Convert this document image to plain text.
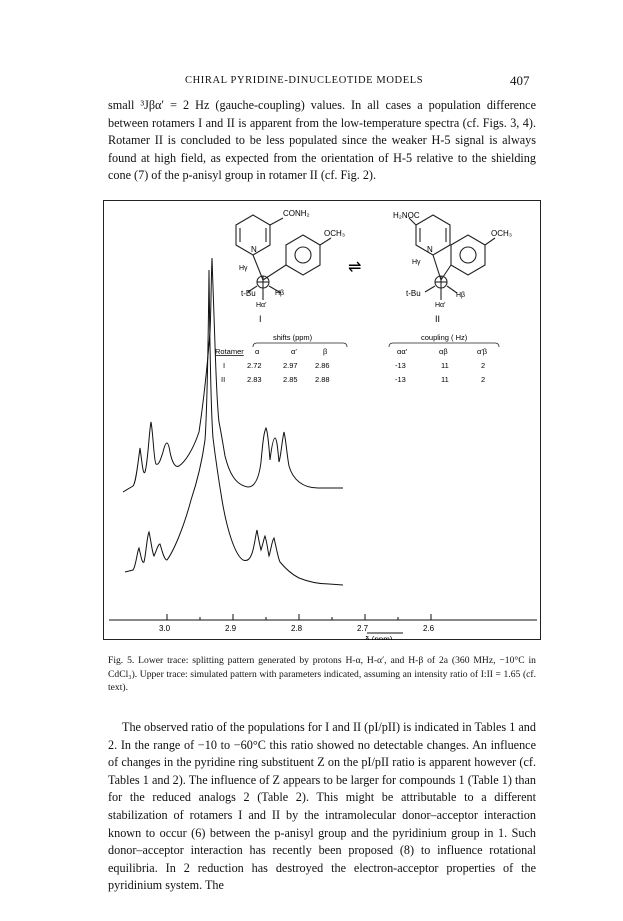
CHIRAL PYRIDINE-DINUCLEOTIDE MODELS	407

small ³Jβα′ = 2 Hz (gauche-coupling) values. In all cases a population difference between rotamers I and II is apparent from the low-temperature spectra (cf. Figs. 3, 4). Rotamer II is concluded to be less populated since the weaker H-5 signal is always found at high field, as expected from the orientation of H-5 relative to the shielding cone (7) of the p-anisyl group in rotamer II (cf. Fig. 2).

CONH₂
OCH₃
N
Hγ
t-Bu	Hβ
Hα′
I
⇌
H₂NOC
OCH₃
N
Hγ
t-Bu	Hβ
Hα′
II
shifts (ppm)
Rotamer α	α′	β
I	2.72	2.97 2.86
II	2.83	2.85 2.88
coupling ( Hz)
αα′	αβ	α′β
-13	11	2
-13	11	2
3.0	2.9	2.8	2.7	2.6
δ (ppm)
Fig. 5. Lower trace: splitting pattern generated by protons H-α, H-α′, and H-β of 2a (360 MHz, −10°C in CdCl₃). Upper trace: simulated pattern with parameters indicated, assuming an intensity ratio of I:II = 1.65 (cf. text).

The observed ratio of the populations for I and II (pI/pII) is indicated in Tables 1 and 2. In the range of −10 to −60°C this ratio showed no detectable changes. An influence of changes in the pyridine ring substituent Z on the pI/pII ratio is apparent however (cf. Tables 1 and 2). The influence of Z appears to be larger for compounds 1 (Table 1) than for the reduced analogs 2 (Table 2). This might be attributable to a different stabilization of rotamers I and II by the intramolecular donor–acceptor interaction known to occur (6) between the p-anisyl group and the pyridinium group in 1. Such donor–acceptor interaction has recently been proposed (8) to influence rotational equilibria. In 2 reduction has destroyed the electron-acceptor properties of the pyridinium system. The
